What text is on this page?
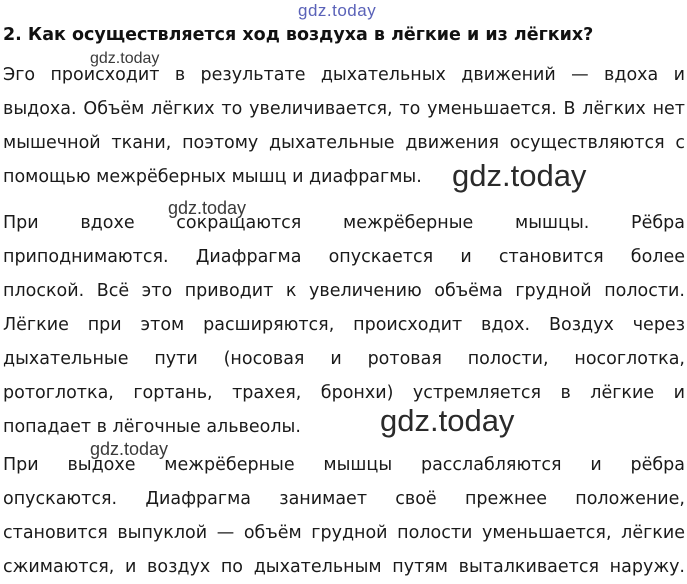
gdz.today
2. Как осуществляется ход воздуха в лёгкие и из лёгких?
Эго происходит в результате дыхательных движений — вдоха и
выдоха. Объём лёгких то увеличивается, то уменьшается. В лёгких нет
мышечной ткани, поэтому дыхательные движения осуществляются с
помощью межрёберных мышц и диафрагмы.
При вдохе сокращаются межрёберные мышцы. Рёбра
приподнимаются. Диафрагма опускается и становится более
плоской. Всё это приводит к увеличению объёма грудной полости.
Лёгкие при этом расширяются, происходит вдох. Воздух через
дыхательные пути (носовая и ротовая полости, носоглотка,
ротоглотка, гортань, трахея, бронхи) устремляется в лёгкие и
попадает в лёгочные альвеолы.
При выдохе межрёберные мышцы расслабляются и рёбра
опускаются. Диафрагма занимает своё прежнее положение,
становится выпуклой — объём грудной полости уменьшается, лёгкие
сжимаются, и воздух по дыхательным путям выталкивается наружу.
gdz.today
gdz.today
gdz.today
gdz.today
gdz.today
